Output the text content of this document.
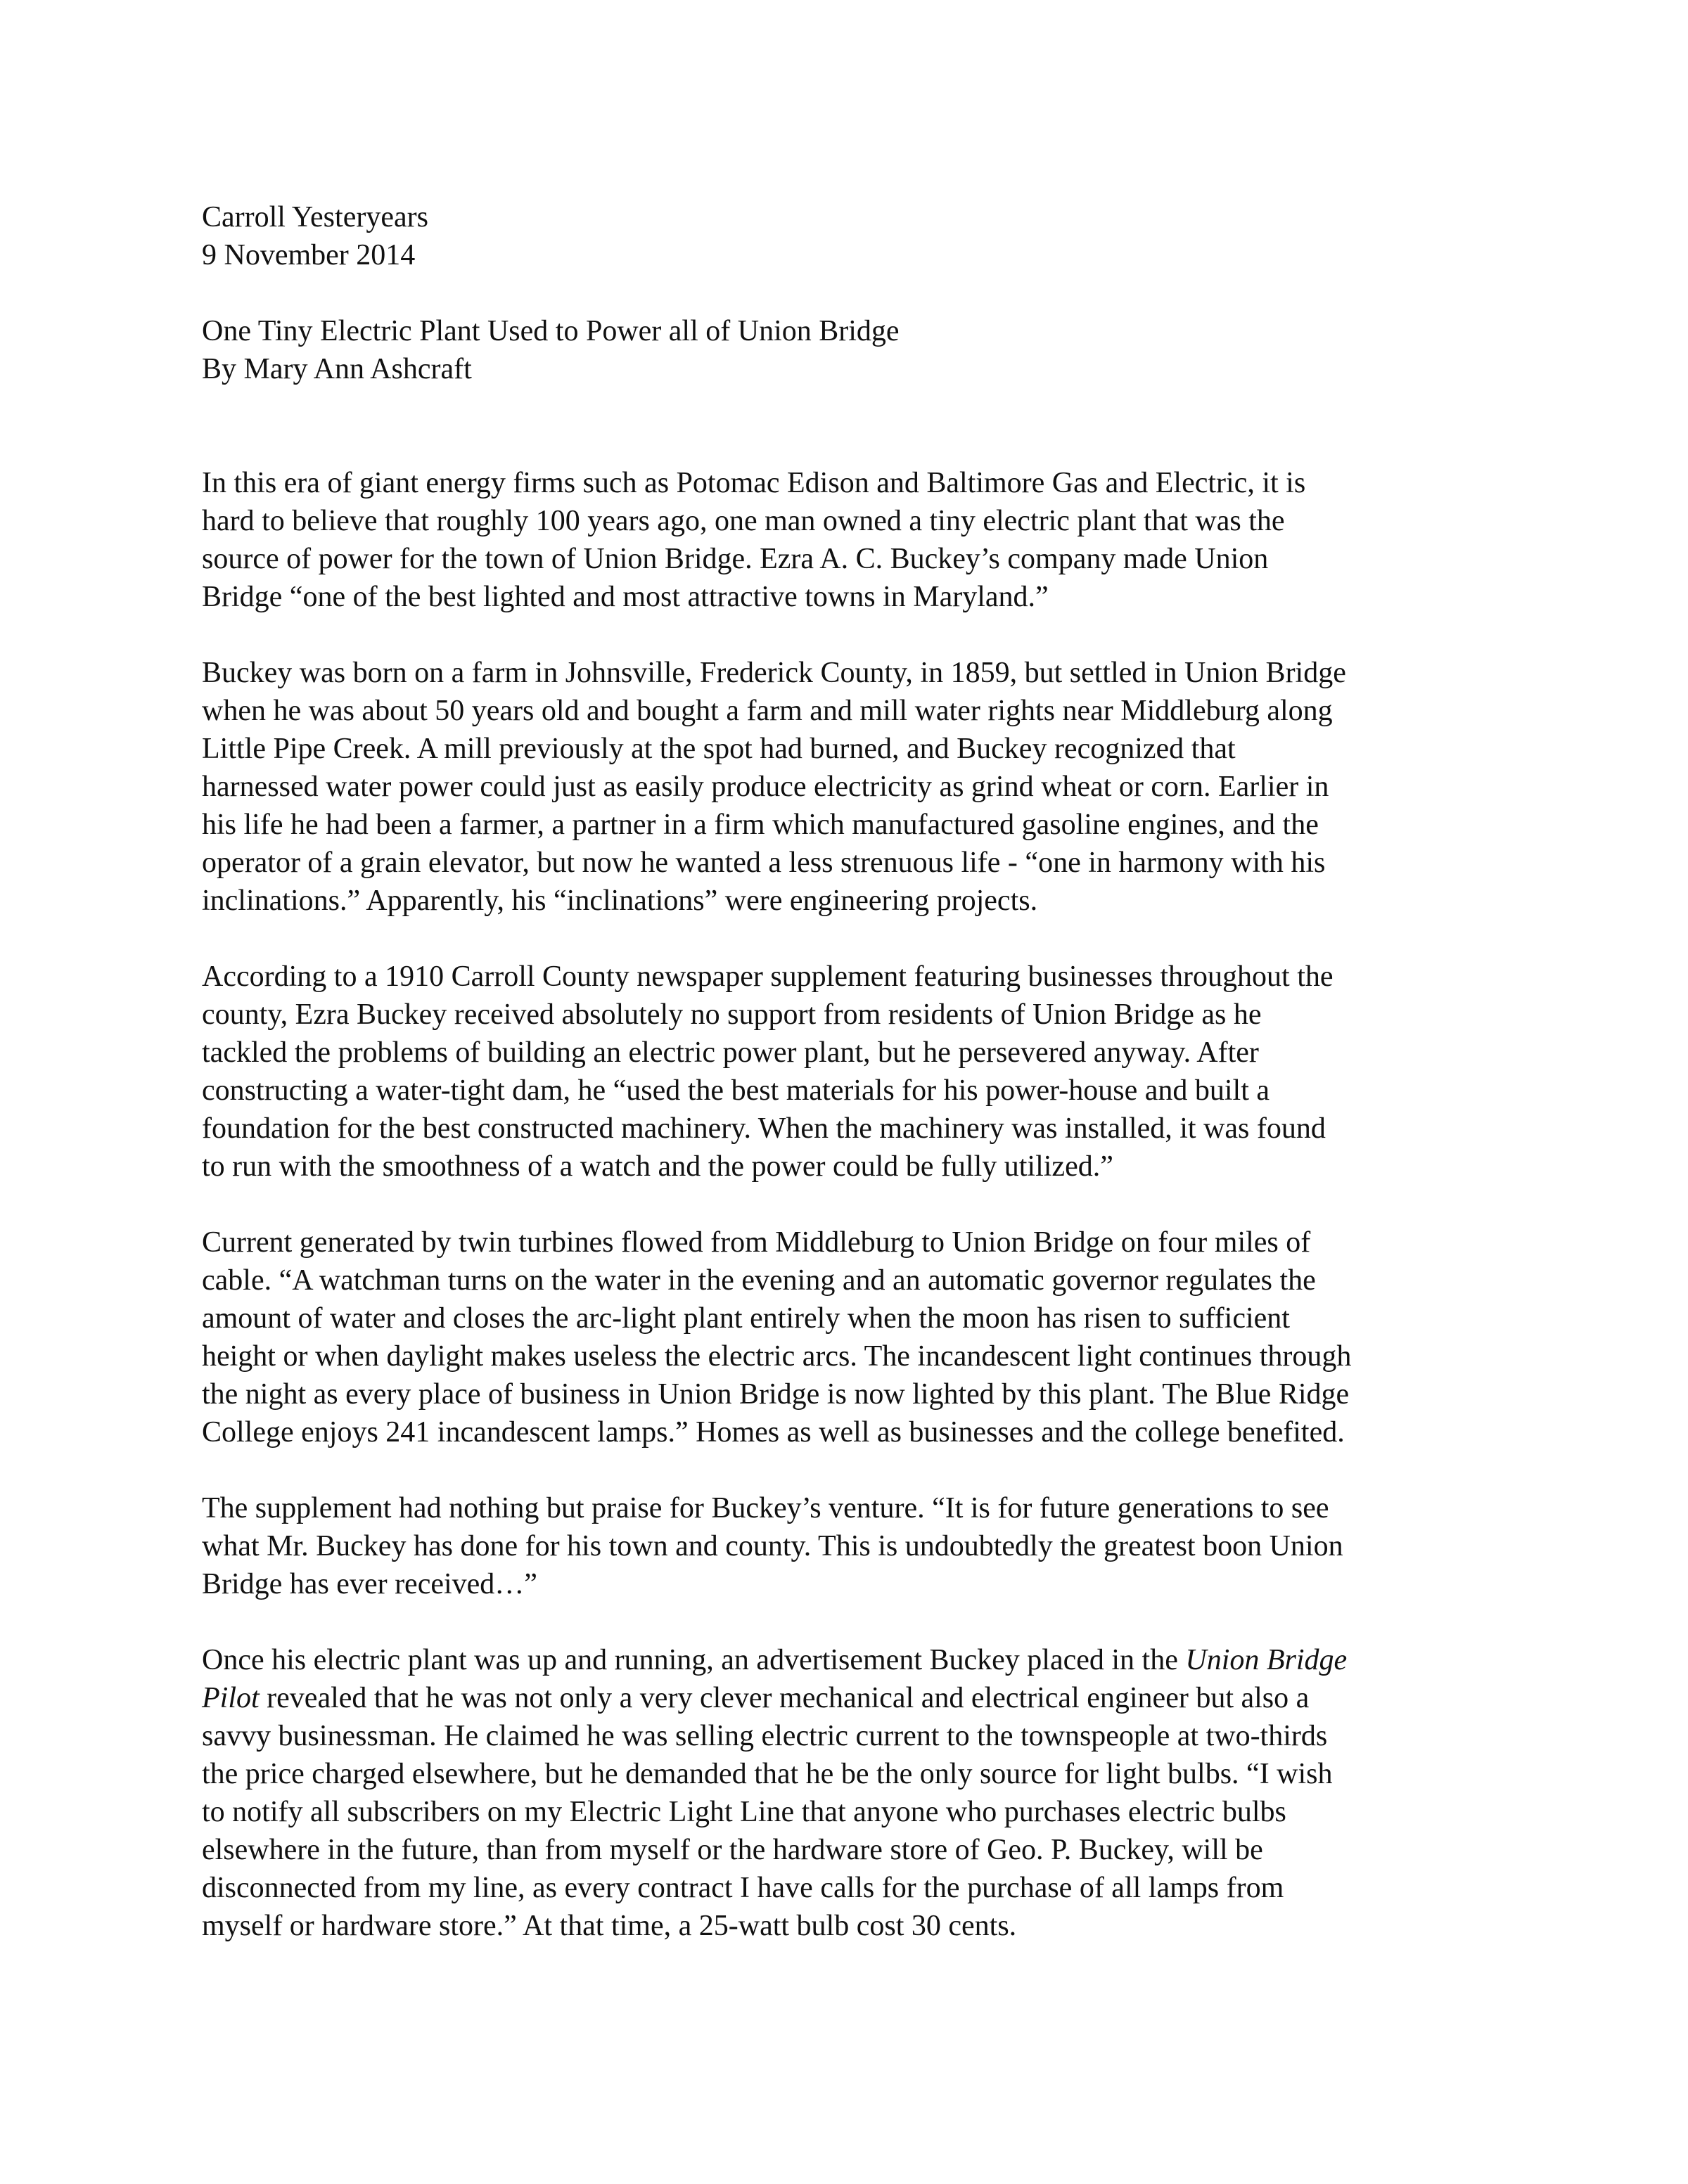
Carroll Yesteryears
9 November 2014
One Tiny Electric Plant Used to Power all of Union Bridge
By Mary Ann Ashcraft
In this era of giant energy firms such as Potomac Edison and Baltimore Gas and Electric, it is
hard to believe that roughly 100 years ago, one man owned a tiny electric plant that was the
source of power for the town of Union Bridge. Ezra A. C. Buckey’s company made Union
Bridge “one of the best lighted and most attractive towns in Maryland.”
Buckey was born on a farm in Johnsville, Frederick County, in 1859, but settled in Union Bridge
when he was about 50 years old and bought a farm and mill water rights near Middleburg along
Little Pipe Creek. A mill previously at the spot had burned, and Buckey recognized that
harnessed water power could just as easily produce electricity as grind wheat or corn. Earlier in
his life he had been a farmer, a partner in a firm which manufactured gasoline engines, and the
operator of a grain elevator, but now he wanted a less strenuous life - “one in harmony with his
inclinations.” Apparently, his “inclinations” were engineering projects.
According to a 1910 Carroll County newspaper supplement featuring businesses throughout the
county, Ezra Buckey received absolutely no support from residents of Union Bridge as he
tackled the problems of building an electric power plant, but he persevered anyway. After
constructing a water-tight dam, he “used the best materials for his power-house and built a
foundation for the best constructed machinery. When the machinery was installed, it was found
to run with the smoothness of a watch and the power could be fully utilized.”
Current generated by twin turbines flowed from Middleburg to Union Bridge on four miles of
cable. “A watchman turns on the water in the evening and an automatic governor regulates the
amount of water and closes the arc-light plant entirely when the moon has risen to sufficient
height or when daylight makes useless the electric arcs. The incandescent light continues through
the night as every place of business in Union Bridge is now lighted by this plant. The Blue Ridge
College enjoys 241 incandescent lamps.” Homes as well as businesses and the college benefited.
The supplement had nothing but praise for Buckey’s venture. “It is for future generations to see
what Mr. Buckey has done for his town and county. This is undoubtedly the greatest boon Union
Bridge has ever received…”
Once his electric plant was up and running, an advertisement Buckey placed in the Union Bridge
Pilot revealed that he was not only a very clever mechanical and electrical engineer but also a
savvy businessman. He claimed he was selling electric current to the townspeople at two-thirds
the price charged elsewhere, but he demanded that he be the only source for light bulbs. “I wish
to notify all subscribers on my Electric Light Line that anyone who purchases electric bulbs
elsewhere in the future, than from myself or the hardware store of Geo. P. Buckey, will be
disconnected from my line, as every contract I have calls for the purchase of all lamps from
myself or hardware store.” At that time, a 25-watt bulb cost 30 cents.
